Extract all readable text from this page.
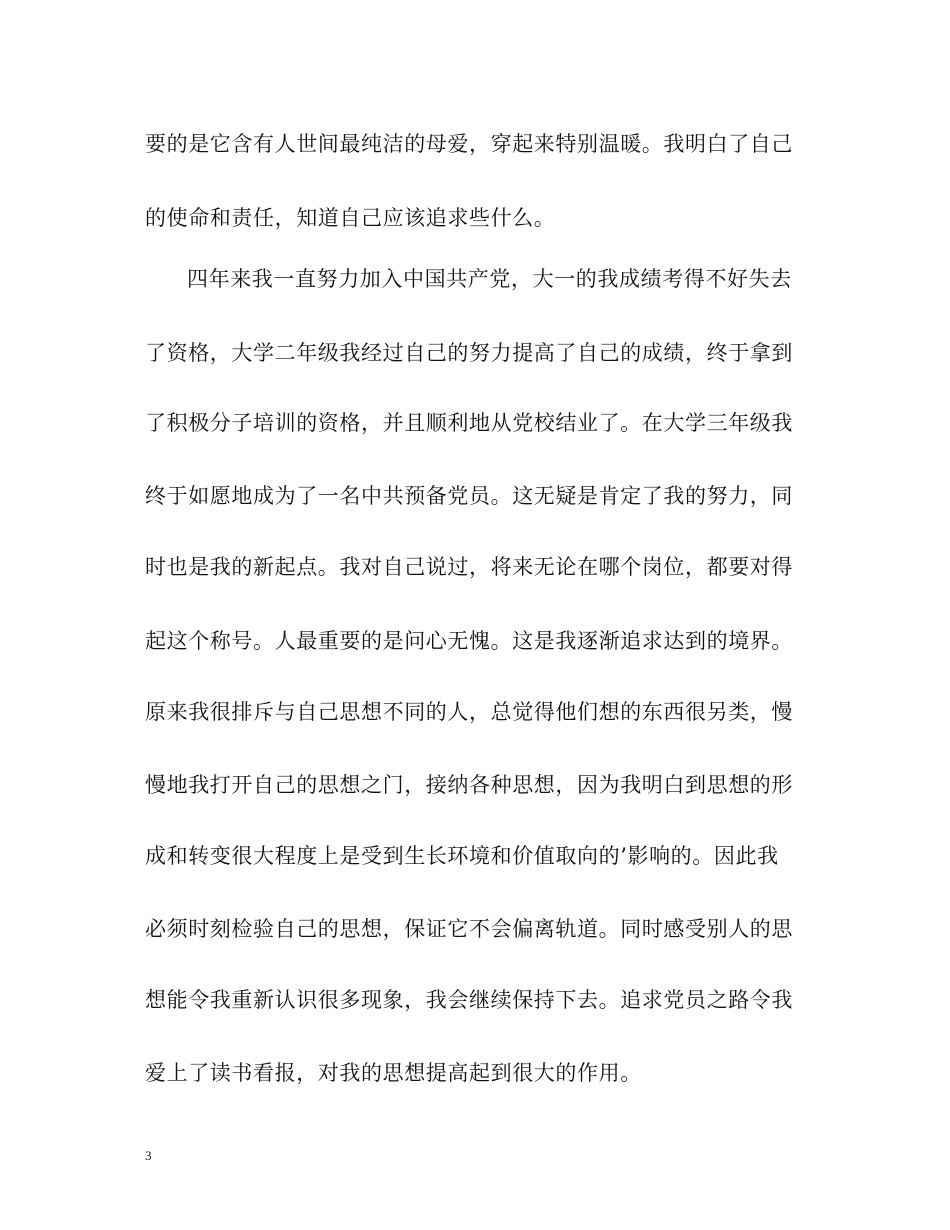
要的是它含有人世间最纯洁的母爱，穿起来特别温暖。我明白了自己
的使命和责任，知道自己应该追求些什么。
四年来我一直努力加入中国共产党，大一的我成绩考得不好失去
了资格，大学二年级我经过自己的努力提高了自己的成绩，终于拿到
了积极分子培训的资格，并且顺利地从党校结业了。在大学三年级我
终于如愿地成为了一名中共预备党员。这无疑是肯定了我的努力，同
时也是我的新起点。我对自己说过，将来无论在哪个岗位，都要对得
起这个称号。人最重要的是问心无愧。这是我逐渐追求达到的境界。
原来我很排斥与自己思想不同的人，总觉得他们想的东西很另类，慢
慢地我打开自己的思想之门，接纳各种思想，因为我明白到思想的形
成和转变很大程度上是受到生长环境和价值取向的’影响的。因此我
必须时刻检验自己的思想，保证它不会偏离轨道。同时感受别人的思
想能令我重新认识很多现象，我会继续保持下去。追求党员之路令我
爱上了读书看报，对我的思想提高起到很大的作用。
3
